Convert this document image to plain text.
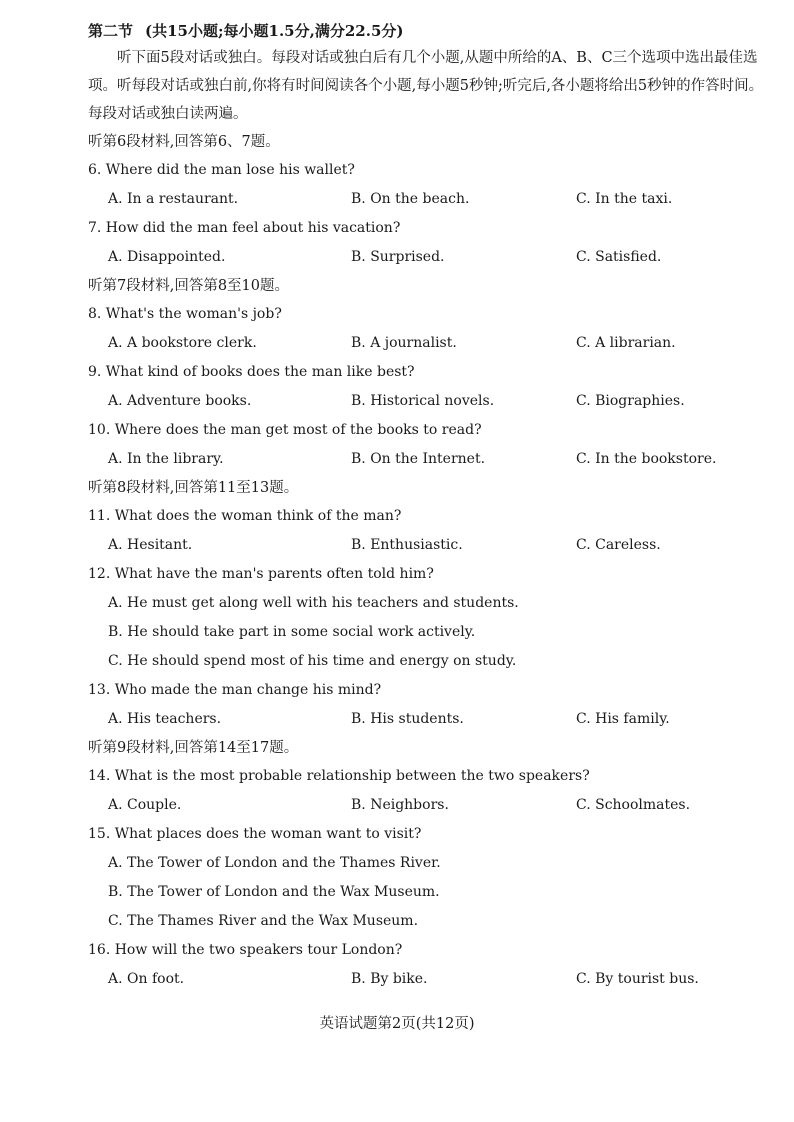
第二节 (共15小题;每小题1.5分,满分22.5分)

听下面5段对话或独白。每段对话或独白后有几个小题,从题中所给的A、B、C三个选项中选出最佳选项。听每段对话或独白前,你将有时间阅读各个小题,每小题5秒钟;听完后,各小题将给出5秒钟的作答时间。每段对话或独白读两遍。

听第6段材料,回答第6、7题。
6. Where did the man lose his wallet?
A. In a restaurant.	B. On the beach.	C. In the taxi.
7. How did the man feel about his vacation?
A. Disappointed.	B. Surprised.	C. Satisfied.
听第7段材料,回答第8至10题。
8. What's the woman's job?
A. A bookstore clerk.	B. A journalist.	C. A librarian.
9. What kind of books does the man like best?
A. Adventure books.	B. Historical novels.	C. Biographies.
10. Where does the man get most of the books to read?
A. In the library.	B. On the Internet.	C. In the bookstore.
听第8段材料,回答第11至13题。
11. What does the woman think of the man?
A. Hesitant.	B. Enthusiastic.	C. Careless.
12. What have the man's parents often told him?
A. He must get along well with his teachers and students.
B. He should take part in some social work actively.
C. He should spend most of his time and energy on study.
13. Who made the man change his mind?
A. His teachers.	B. His students.	C. His family.
听第9段材料,回答第14至17题。
14. What is the most probable relationship between the two speakers?
A. Couple.	B. Neighbors.	C. Schoolmates.
15. What places does the woman want to visit?
A. The Tower of London and the Thames River.
B. The Tower of London and the Wax Museum.
C. The Thames River and the Wax Museum.
16. How will the two speakers tour London?
A. On foot.	B. By bike.	C. By tourist bus.
英语试题第2页(共12页)
